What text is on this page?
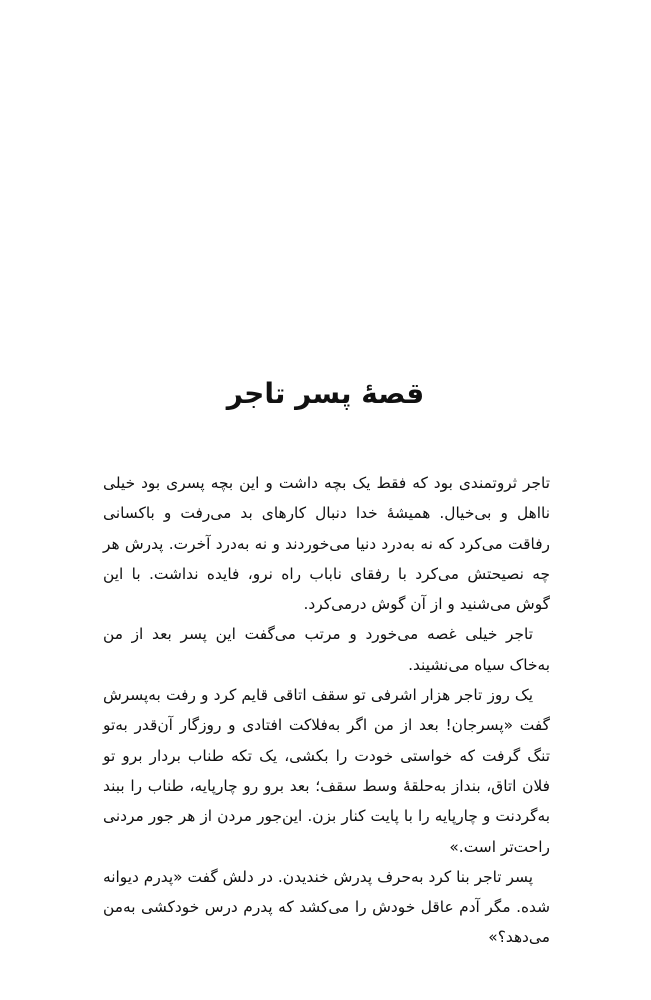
قصهٔ پسر تاجر

تاجر ثروتمندی بود که فقط یک بچه داشت و این بچه پسری بود خیلی نااهل و بی‌خیال. همیشهٔ خدا دنبال کارهای بد می‌رفت و باکسانی رفاقت می‌کرد که نه به‌درد دنیا می‌خوردند و نه به‌درد آخرت. پدرش هر چه نصیحتش می‌کرد با رفقای ناباب راه نرو، فایده نداشت. با این گوش می‌شنید و از آن گوش درمی‌کرد.

تاجر خیلی غصه می‌خورد و مرتب می‌گفت این پسر بعد از من به‌خاک سیاه می‌نشیند.

یک روز تاجر هزار اشرفی تو سقف اتاقی قایم کرد و رفت به‌پسرش گفت «پسرجان! بعد از من اگر به‌فلاکت افتادی و روزگار آن‌قدر به‌تو تنگ گرفت که خواستی خودت را بکشی، یک تکه طناب بردار برو تو فلان اتاق، بنداز به‌حلقهٔ وسط سقف؛ بعد برو رو چارپایه، طناب را ببند به‌گردنت و چارپایه را با پایت کنار بزن. این‌جور مردن از هر جور مردنی راحت‌تر است.»

پسر تاجر بنا کرد به‌حرف پدرش خندیدن. در دلش گفت «پدرم دیوانه شده. مگر آدم عاقل خودش را می‌کشد که پدرم درس خودکشی به‌من می‌دهد؟»
